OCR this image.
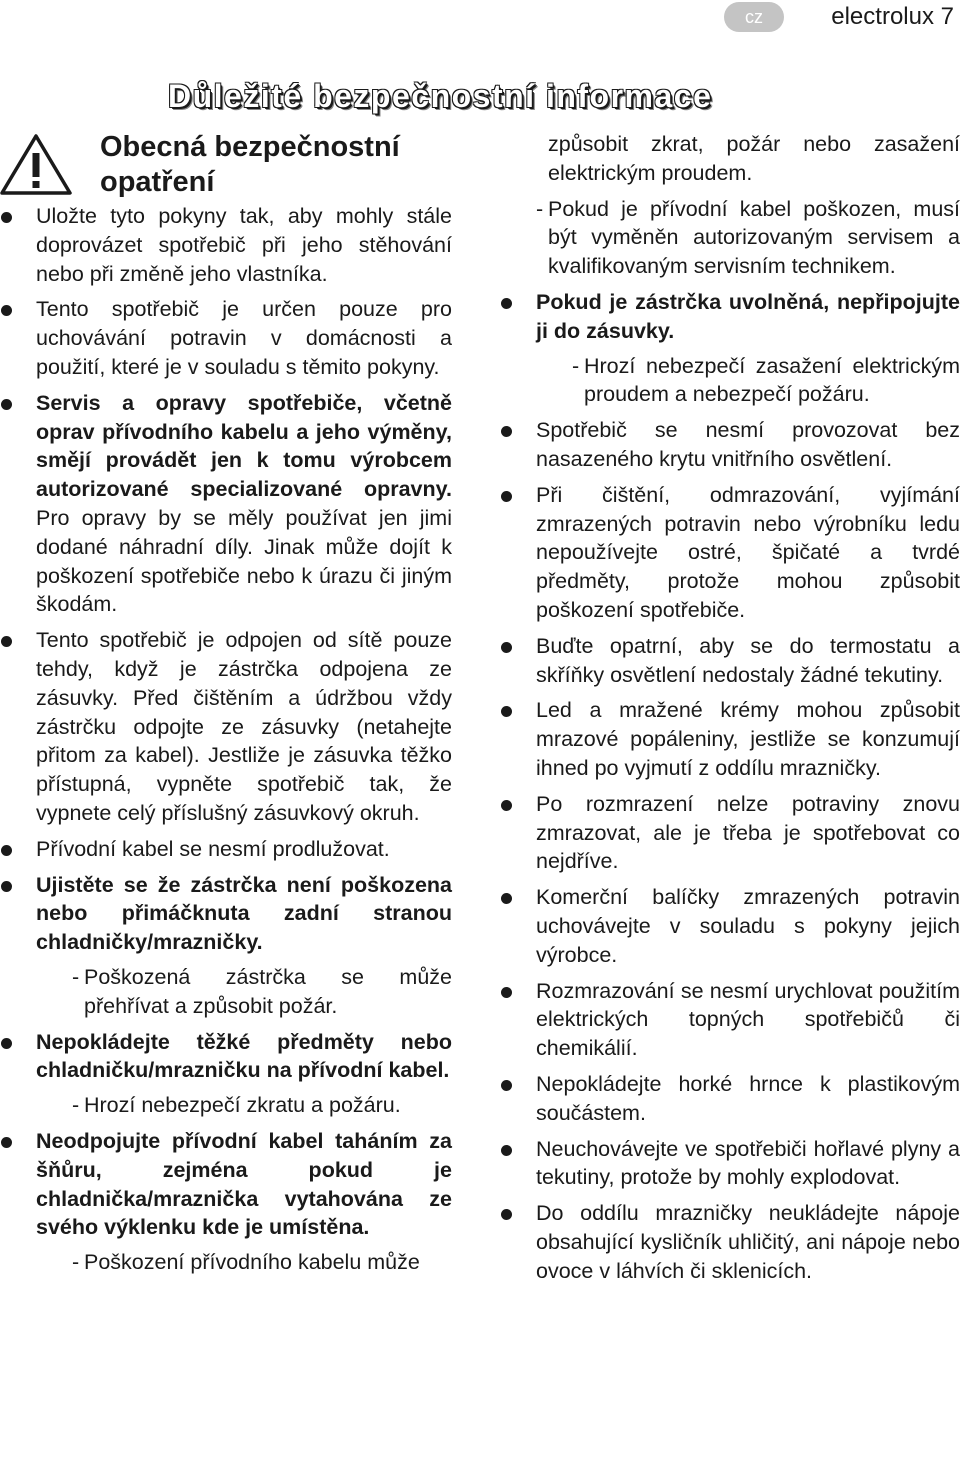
cz	electrolux 7
Důležité bezpečnostní informace
Obecná bezpečnostní opatření
Uložte tyto pokyny tak, aby mohly stále doprovázet spotřebič při jeho stěhování nebo při změně jeho vlastníka.
Tento spotřebič je určen pouze pro uchovávání potravin v domácnosti a použití, které je v souladu s těmito pokyny.
Servis a opravy spotřebiče, včetně oprav přívodního kabelu a jeho výměny, smějí provádět jen k tomu výrobcem autorizované specializované opravny. Pro opravy by se měly používat jen jimi dodané náhradní díly. Jinak může dojít k poškození spotřebiče nebo k úrazu či jiným škodám.
Tento spotřebič je odpojen od sítě pouze tehdy, když je zástrčka odpojena ze zásuvky. Před čištěním a údržbou vždy zástrčku odpojte ze zásuvky (netahejte přitom za kabel). Jestliže je zásuvka těžko přístupná, vypněte spotřebič tak, že vypnete celý příslušný zásuvkový okruh.
Přívodní kabel se nesmí prodlužovat.
Ujistěte se že zástrčka není poškozena nebo přimáčknuta zadní stranou chladničky/mrazničky.
- Poškozená zástrčka se může přehřívat a způsobit požár.
Nepokládejte těžké předměty nebo chladničku/mrazničku na přívodní kabel.
- Hrozí nebezpečí zkratu a požáru.
Neodpojujte přívodní kabel taháním za šňůru, zejména pokud je chladnička/mraznička vytahována ze svého výklenku kde je umístěna.
- Poškození přívodního kabelu může
způsobit zkrat, požár nebo zasažení elektrickým proudem.
- Pokud je přívodní kabel poškozen, musí být vyměněn autorizovaným servisem a kvalifikovaným servisním technikem.
Pokud je zástrčka uvolněná, nepřipojujte ji do zásuvky.
- Hrozí nebezpečí zasažení elektrickým proudem a nebezpečí požáru.
Spotřebič se nesmí provozovat bez nasazeného krytu vnitřního osvětlení.
Při čištění, odmrazování, vyjímání zmrazených potravin nebo výrobníku ledu nepoužívejte ostré, špičaté a tvrdé předměty, protože mohou způsobit poškození spotřebiče.
Buďte opatrní, aby se do termostatu a skříňky osvětlení nedostaly žádné tekutiny.
Led a mražené krémy mohou způsobit mrazové popáleniny, jestliže se konzumují ihned po vyjmutí z oddílu mrazničky.
Po rozmrazení nelze potraviny znovu zmrazovat, ale je třeba je spotřebovat co nejdříve.
Komerční balíčky zmrazených potravin uchovávejte v souladu s pokyny jejich výrobce.
Rozmrazování se nesmí urychlovat použitím elektrických topných spotřebičů či chemikálií.
Nepokládejte horké hrnce k plastikovým součástem.
Neuchovávejte ve spotřebiči hořlavé plyny a tekutiny, protože by mohly explodovat.
Do oddílu mrazničky neukládejte nápoje obsahující kysličník uhličitý, ani nápoje nebo ovoce v láhvích či sklenicích.
